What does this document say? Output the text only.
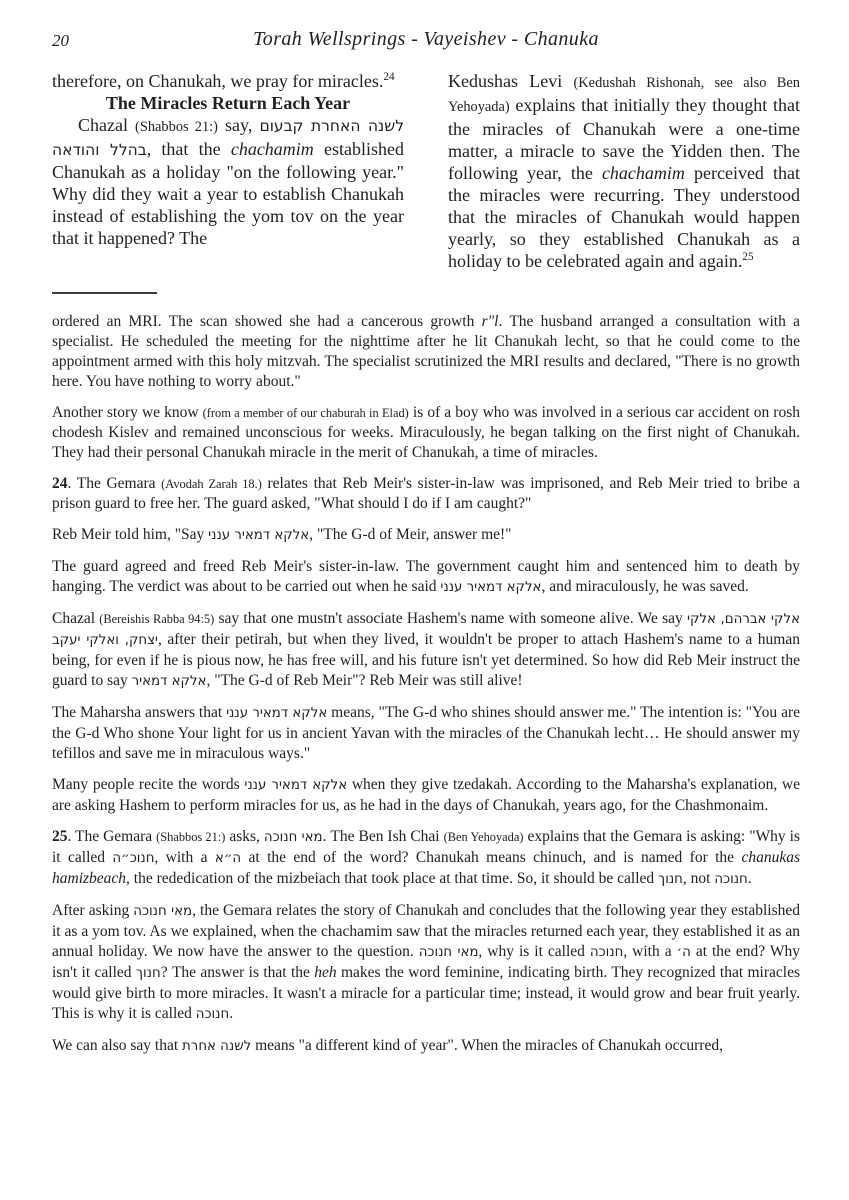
20	Torah Wellsprings - Vayeishev - Chanuka

therefore, on Chanukah, we pray for miracles.$^{24}$

The Miracles Return Each Year

Chazal (Shabbos 21:) say, לשנה האחרת קבעום בהלל והודאה, that the chachamim established Chanukah as a holiday "on the following year." Why did they wait a year to establish Chanukah instead of establishing the yom tov on the year that it happened? The

Kedushas Levi (Kedushah Rishonah, see also Ben Yehoyada) explains that initially they thought that the miracles of Chanukah were a one-time matter, a miracle to save the Yidden then. The following year, the chachamim perceived that the miracles were recurring. They understood that the miracles of Chanukah would happen yearly, so they established Chanukah as a holiday to be celebrated again and again.$^{25}$

ordered an MRI. The scan showed she had a cancerous growth r"l. The husband arranged a consultation with a specialist. He scheduled the meeting for the nighttime after he lit Chanukah lecht, so that he could come to the appointment armed with this holy mitzvah. The specialist scrutinized the MRI results and declared, "There is no growth here. You have nothing to worry about."

Another story we know (from a member of our chaburah in Elad) is of a boy who was involved in a serious car accident on rosh chodesh Kislev and remained unconscious for weeks. Miraculously, he began talking on the first night of Chanukah. They had their personal Chanukah miracle in the merit of Chanukah, a time of miracles.

24. The Gemara (Avodah Zarah 18.) relates that Reb Meir's sister-in-law was imprisoned, and Reb Meir tried to bribe a prison guard to free her. The guard asked, "What should I do if I am caught?"

Reb Meir told him, "Say אלקא דמאיר ענני, "The G-d of Meir, answer me!"

The guard agreed and freed Reb Meir's sister-in-law. The government caught him and sentenced him to death by hanging. The verdict was about to be carried out when he said אלקא דמאיר ענני, and miraculously, he was saved.

Chazal (Bereishis Rabba 94:5) say that one mustn't associate Hashem's name with someone alive. We say אלקי אברהם, אלקי יצחק, ואלקי יעקב, after their petirah, but when they lived, it wouldn't be proper to attach Hashem's name to a human being, for even if he is pious now, he has free will, and his future isn't yet determined. So how did Reb Meir instruct the guard to say אלקא דמאיר, "The G-d of Reb Meir"? Reb Meir was still alive!

The Maharsha answers that אלקא דמאיר ענני means, "The G-d who shines should answer me." The intention is: "You are the G-d Who shone Your light for us in ancient Yavan with the miracles of the Chanukah lecht… He should answer my tefillos and save me in miraculous ways."

Many people recite the words אלקא דמאיר ענני when they give tzedakah. According to the Maharsha's explanation, we are asking Hashem to perform miracles for us, as he had in the days of Chanukah, years ago, for the Chashmonaim.

25. The Gemara (Shabbos 21:) asks, מאי חנוכה. The Ben Ish Chai (Ben Yehoyada) explains that the Gemara is asking: "Why is it called חנוכ״ה, with a ה״א at the end of the word? Chanukah means chinuch, and is named for the chanukas hamizbeach, the rededication of the mizbeiach that took place at that time. So, it should be called חנוך, not חנוכה.

After asking מאי חנוכה, the Gemara relates the story of Chanukah and concludes that the following year they established it as a yom tov. As we explained, when the chachamim saw that the miracles returned each year, they established it as an annual holiday. We now have the answer to the question. מאי חנוכה, why is it called חנוכה, with a ה׳ at the end? Why isn't it called חנוך? The answer is that the heh makes the word feminine, indicating birth. They recognized that miracles would give birth to more miracles. It wasn't a miracle for a particular time; instead, it would grow and bear fruit yearly. This is why it is called חנוכה.

We can also say that לשנה אחרת means "a different kind of year". When the miracles of Chanukah occurred,
